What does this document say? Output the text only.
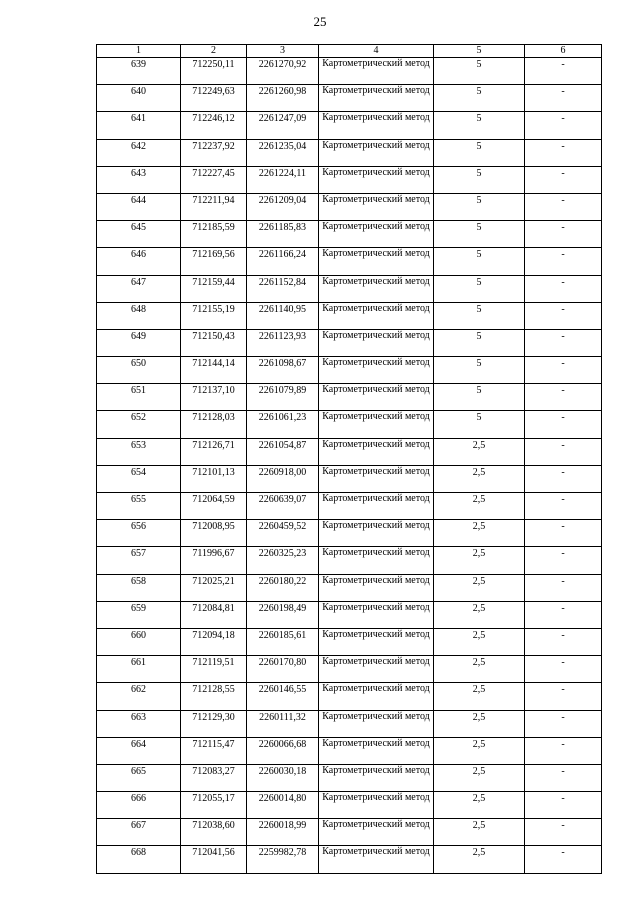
25
1	2	3	4	5	6
639	712250,11	2261270,92	Картометрический метод	5	-
640	712249,63	2261260,98	Картометрический метод	5	-
641	712246,12	2261247,09	Картометрический метод	5	-
642	712237,92	2261235,04	Картометрический метод	5	-
643	712227,45	2261224,11	Картометрический метод	5	-
644	712211,94	2261209,04	Картометрический метод	5	-
645	712185,59	2261185,83	Картометрический метод	5	-
646	712169,56	2261166,24	Картометрический метод	5	-
647	712159,44	2261152,84	Картометрический метод	5	-
648	712155,19	2261140,95	Картометрический метод	5	-
649	712150,43	2261123,93	Картометрический метод	5	-
650	712144,14	2261098,67	Картометрический метод	5	-
651	712137,10	2261079,89	Картометрический метод	5	-
652	712128,03	2261061,23	Картометрический метод	5	-
653	712126,71	2261054,87	Картометрический метод	2,5	-
654	712101,13	2260918,00	Картометрический метод	2,5	-
655	712064,59	2260639,07	Картометрический метод	2,5	-
656	712008,95	2260459,52	Картометрический метод	2,5	-
657	711996,67	2260325,23	Картометрический метод	2,5	-
658	712025,21	2260180,22	Картометрический метод	2,5	-
659	712084,81	2260198,49	Картометрический метод	2,5	-
660	712094,18	2260185,61	Картометрический метод	2,5	-
661	712119,51	2260170,80	Картометрический метод	2,5	-
662	712128,55	2260146,55	Картометрический метод	2,5	-
663	712129,30	2260111,32	Картометрический метод	2,5	-
664	712115,47	2260066,68	Картометрический метод	2,5	-
665	712083,27	2260030,18	Картометрический метод	2,5	-
666	712055,17	2260014,80	Картометрический метод	2,5	-
667	712038,60	2260018,99	Картометрический метод	2,5	-
668	712041,56	2259982,78	Картометрический метод	2,5	-
